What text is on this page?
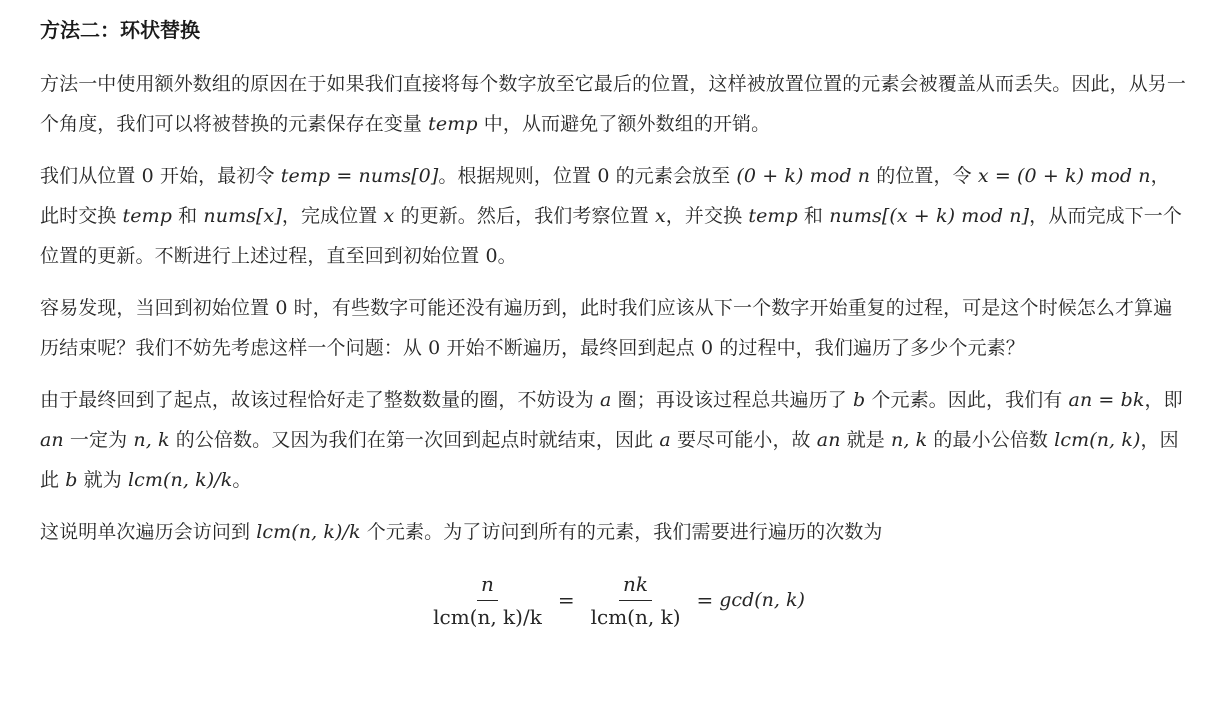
方法二：环状替换

方法一中使用额外数组的原因在于如果我们直接将每个数字放至它最后的位置，这样被放置位置的元素会被覆盖从而丢失。因此，从另一个角度，我们可以将被替换的元素保存在变量 temp 中，从而避免了额外数组的开销。

我们从位置 0 开始，最初令 temp = nums[0]。根据规则，位置 0 的元素会放至 (0 + k) mod n 的位置，令 x = (0 + k) mod n，此时交换 temp 和 nums[x]，完成位置 x 的更新。然后，我们考察位置 x，并交换 temp 和 nums[(x + k) mod n]，从而完成下一个位置的更新。不断进行上述过程，直至回到初始位置 0。

容易发现，当回到初始位置 0 时，有些数字可能还没有遍历到，此时我们应该从下一个数字开始重复的过程，可是这个时候怎么才算遍历结束呢？我们不妨先考虑这样一个问题：从 0 开始不断遍历，最终回到起点 0 的过程中，我们遍历了多少个元素？

由于最终回到了起点，故该过程恰好走了整数数量的圈，不妨设为 a 圈；再设该过程总共遍历了 b 个元素。因此，我们有 an = bk，即 an 一定为 n, k 的公倍数。又因为我们在第一次回到起点时就结束，因此 a 要尽可能小，故 an 就是 n, k 的最小公倍数 lcm(n, k)，因此 b 就为 lcm(n, k)/k。

这说明单次遍历会访问到 lcm(n, k)/k 个元素。为了访问到所有的元素，我们需要进行遍历的次数为

$\frac{n}{\text{lcm(n, k)/k}} = \frac{nk}{\text{lcm(n, k)}} = \gcd(n$, k)
